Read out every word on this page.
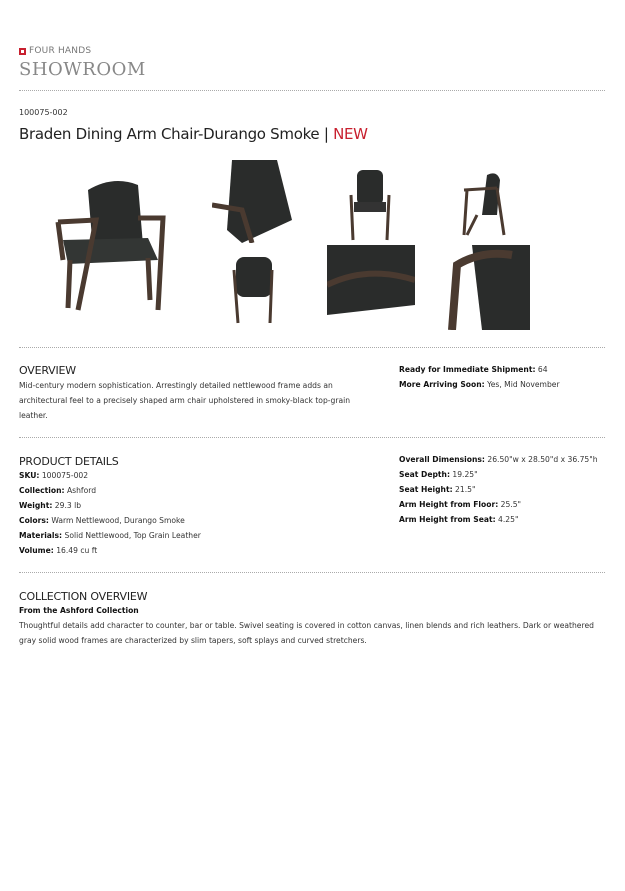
FOUR HANDS
SHOWROOM
100075-002
Braden Dining Arm Chair-Durango Smoke | NEW
OVERVIEW
Mid-century modern sophistication. Arrestingly detailed nettlewood frame adds an architectural feel to a precisely shaped arm chair upholstered in smoky-black top-grain leather.
Ready for Immediate Shipment: 64
More Arriving Soon: Yes, Mid November
PRODUCT DETAILS
SKU: 100075-002
Collection: Ashford
Weight: 29.3 lb
Colors: Warm Nettlewood, Durango Smoke
Materials: Solid Nettlewood, Top Grain Leather
Volume: 16.49 cu ft
Overall Dimensions: 26.50"w x 28.50"d x 36.75"h
Seat Depth: 19.25"
Seat Height: 21.5"
Arm Height from Floor: 25.5"
Arm Height from Seat: 4.25"
COLLECTION OVERVIEW
From the Ashford Collection
Thoughtful details add character to counter, bar or table. Swivel seating is covered in cotton canvas, linen blends and rich leathers. Dark or weathered gray solid wood frames are characterized by slim tapers, soft splays and curved stretchers.
